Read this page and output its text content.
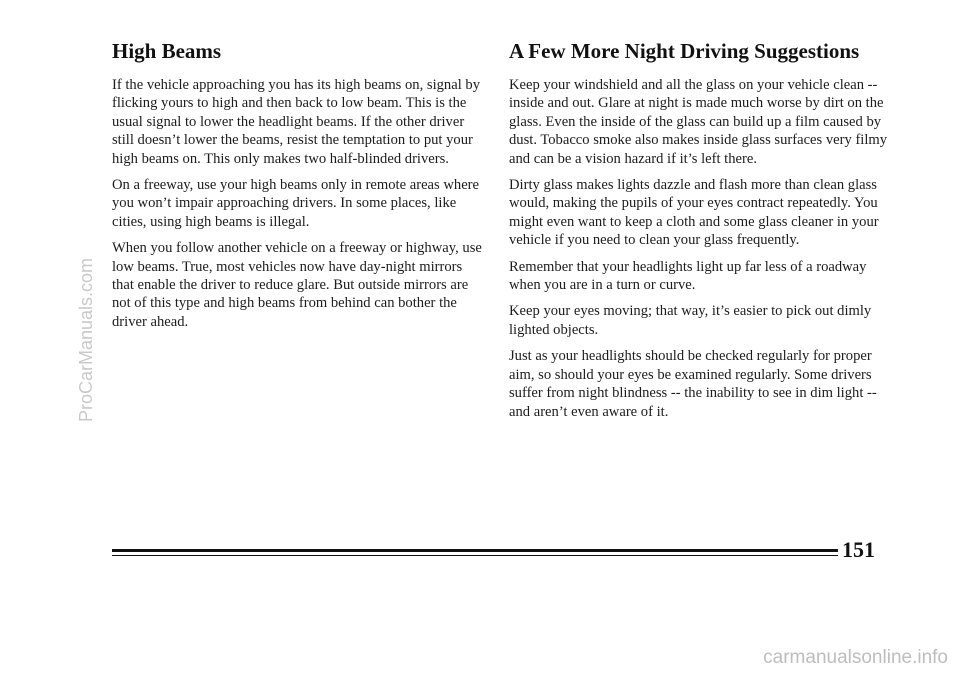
High Beams

If the vehicle approaching you has its high beams on, signal by flicking yours to high and then back to low beam. This is the usual signal to lower the headlight beams. If the other driver still doesn’t lower the beams, resist the temptation to put your high beams on. This only makes two half-blinded drivers.

On a freeway, use your high beams only in remote areas where you won’t impair approaching drivers. In some places, like cities, using high beams is illegal.

When you follow another vehicle on a freeway or highway, use low beams. True, most vehicles now have day-night mirrors that enable the driver to reduce glare. But outside mirrors are not of this type and high beams from behind can bother the driver ahead.

A Few More Night Driving Suggestions

Keep your windshield and all the glass on your vehicle clean -- inside and out. Glare at night is made much worse by dirt on the glass. Even the inside of the glass can build up a film caused by dust. Tobacco smoke also makes inside glass surfaces very filmy and can be a vision hazard if it’s left there.

Dirty glass makes lights dazzle and flash more than clean glass would, making the pupils of your eyes contract repeatedly. You might even want to keep a cloth and some glass cleaner in your vehicle if you need to clean your glass frequently.

Remember that your headlights light up far less of a roadway when you are in a turn or curve.

Keep your eyes moving; that way, it’s easier to pick out dimly lighted objects.

Just as your headlights should be checked regularly for proper aim, so should your eyes be examined regularly. Some drivers suffer from night blindness -- the inability to see in dim light -- and aren’t even aware of it.

151
ProCarManuals.com
carmanualsonline.info
